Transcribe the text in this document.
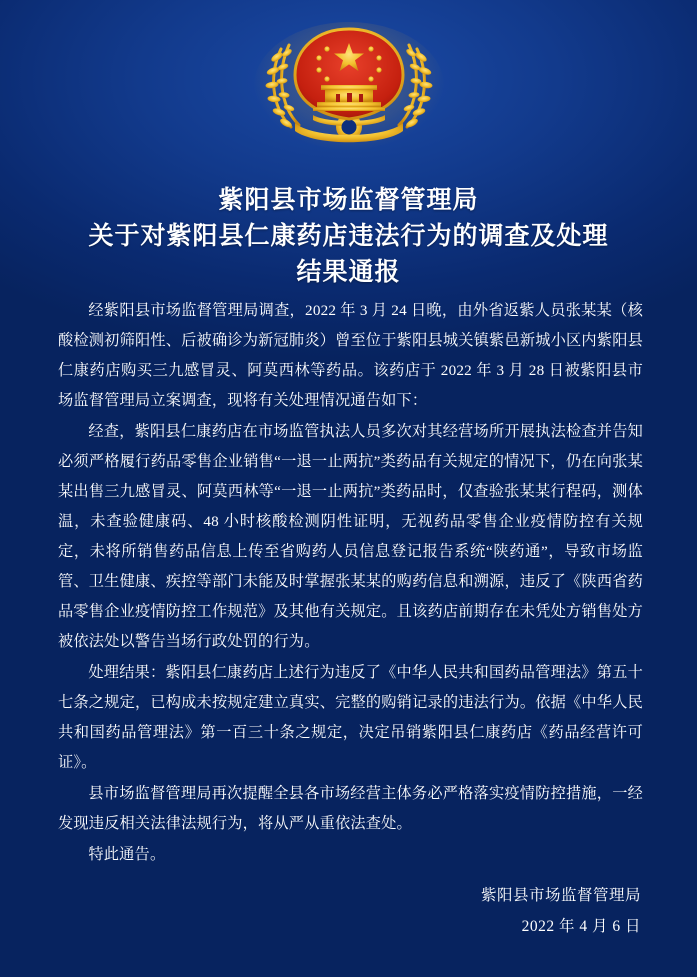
紫阳县市场监督管理局
关于对紫阳县仁康药店违法行为的调查及处理
结果通报

经紫阳县市场监督管理局调查，2022 年 3 月 24 日晚，由外省返紫人员张某某（核酸检测初筛阳性、后被确诊为新冠肺炎）曾至位于紫阳县城关镇紫邑新城小区内紫阳县仁康药店购买三九感冒灵、阿莫西林等药品。该药店于 2022 年 3 月 28 日被紫阳县市场监督管理局立案调查，现将有关处理情况通告如下：

经查，紫阳县仁康药店在市场监管执法人员多次对其经营场所开展执法检查并告知必须严格履行药品零售企业销售“一退一止两抗”类药品有关规定的情况下，仍在向张某某出售三九感冒灵、阿莫西林等“一退一止两抗”类药品时，仅查验张某某行程码，测体温，未查验健康码、48 小时核酸检测阴性证明，无视药品零售企业疫情防控有关规定，未将所销售药品信息上传至省购药人员信息登记报告系统“陕药通”，导致市场监管、卫生健康、疾控等部门未能及时掌握张某某的购药信息和溯源，违反了《陕西省药品零售企业疫情防控工作规范》及其他有关规定。且该药店前期存在未凭处方销售处方被依法处以警告当场行政处罚的行为。

处理结果：紫阳县仁康药店上述行为违反了《中华人民共和国药品管理法》第五十七条之规定，已构成未按规定建立真实、完整的购销记录的违法行为。依据《中华人民共和国药品管理法》第一百三十条之规定，决定吊销紫阳县仁康药店《药品经营许可证》。

县市场监督管理局再次提醒全县各市场经营主体务必严格落实疫情防控措施，一经发现违反相关法律法规行为，将从严从重依法查处。

特此通告。

紫阳县市场监督管理局
2022 年 4 月 6 日
